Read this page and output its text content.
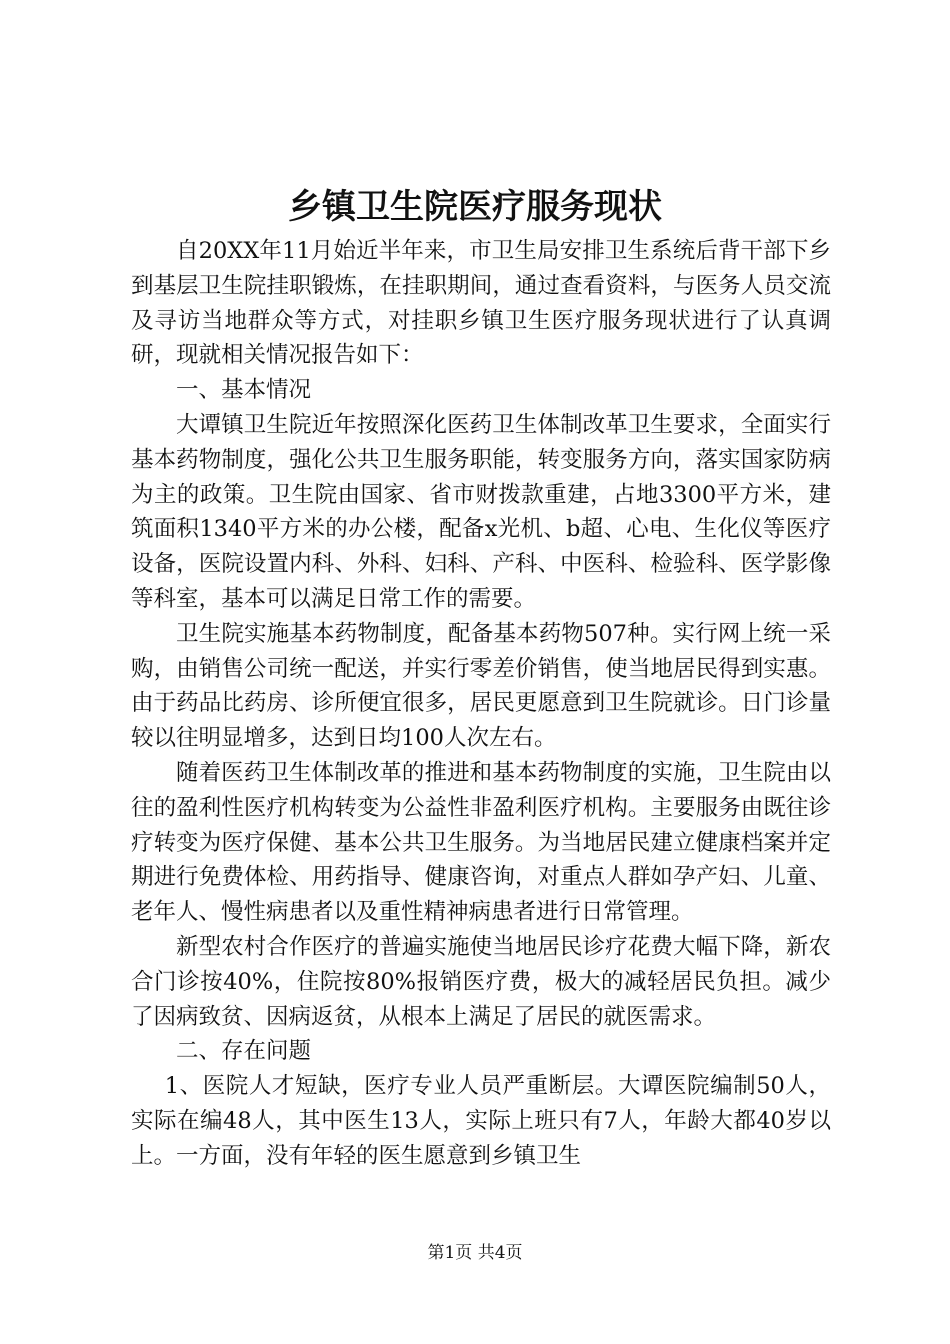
乡镇卫生院医疗服务现状

自20XX年11月始近半年来，市卫生局安排卫生系统后背干部下乡到基层卫生院挂职锻炼，在挂职期间，通过查看资料，与医务人员交流及寻访当地群众等方式，对挂职乡镇卫生医疗服务现状进行了认真调研，现就相关情况报告如下：

一、基本情况

大谭镇卫生院近年按照深化医药卫生体制改革卫生要求，全面实行基本药物制度，强化公共卫生服务职能，转变服务方向，落实国家防病为主的政策。卫生院由国家、省市财拨款重建，占地3300平方米，建筑面积1340平方米的办公楼，配备x光机、b超、心电、生化仪等医疗设备，医院设置内科、外科、妇科、产科、中医科、检验科、医学影像等科室，基本可以满足日常工作的需要。

卫生院实施基本药物制度，配备基本药物507种。实行网上统一采购，由销售公司统一配送，并实行零差价销售，使当地居民得到实惠。由于药品比药房、诊所便宜很多，居民更愿意到卫生院就诊。日门诊量较以往明显增多，达到日均100人次左右。

随着医药卫生体制改革的推进和基本药物制度的实施，卫生院由以往的盈利性医疗机构转变为公益性非盈利医疗机构。主要服务由既往诊疗转变为医疗保健、基本公共卫生服务。为当地居民建立健康档案并定期进行免费体检、用药指导、健康咨询，对重点人群如孕产妇、儿童、老年人、慢性病患者以及重性精神病患者进行日常管理。

新型农村合作医疗的普遍实施使当地居民诊疗花费大幅下降，新农合门诊按40%，住院按80%报销医疗费，极大的减轻居民负担。减少了因病致贫、因病返贫，从根本上满足了居民的就医需求。

二、存在问题

1、医院人才短缺，医疗专业人员严重断层。大谭医院编制50人，实际在编48人，其中医生13人，实际上班只有7人，年龄大都40岁以上。一方面，没有年轻的医生愿意到乡镇卫生

第1页 共4页
